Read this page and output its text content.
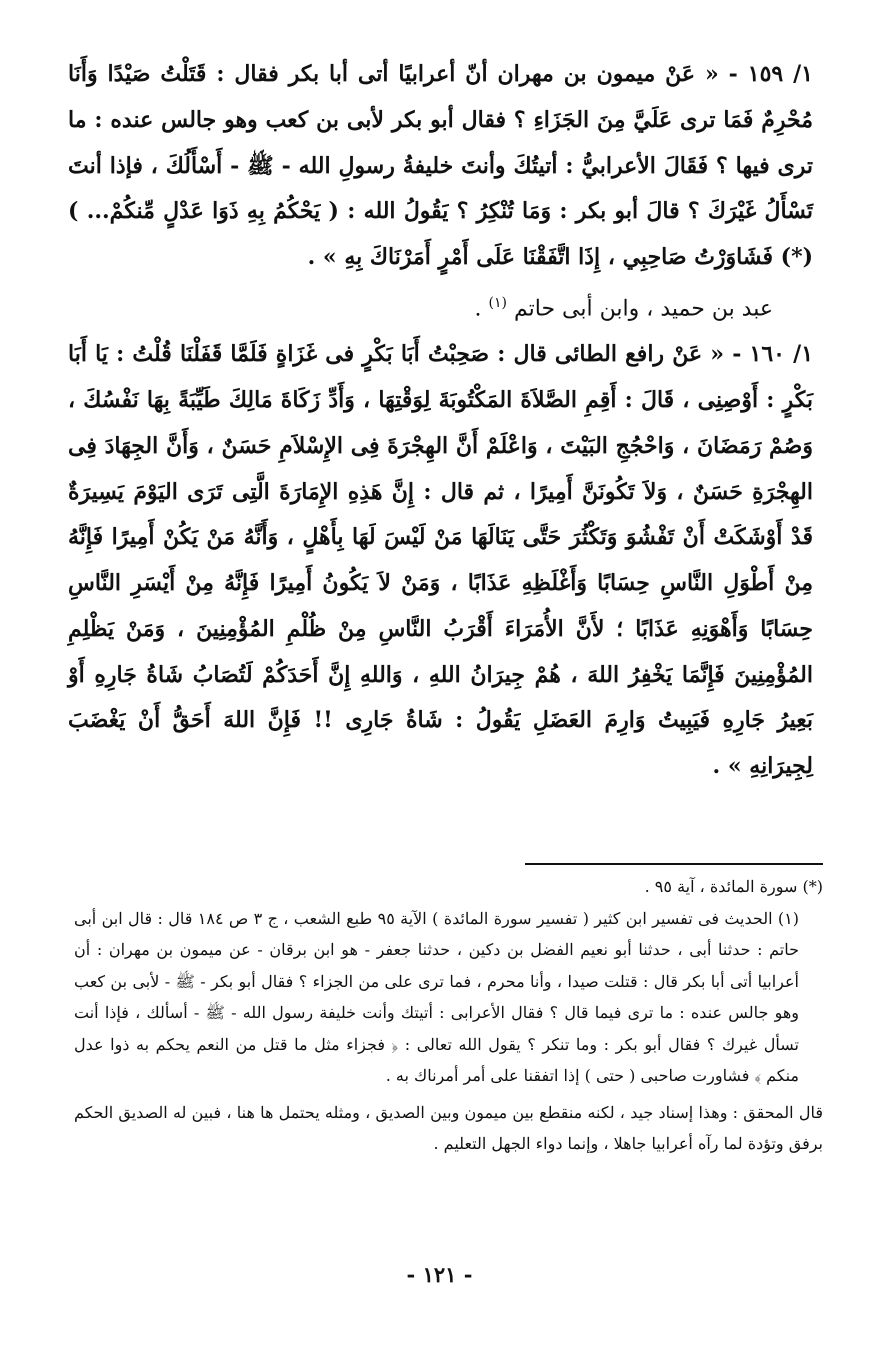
١/ ١٥٩ - « عَنْ ميمون بن مهران أنّ أعرابيًا أتى أبا بكر فقال : قَتَلْتُ صَيْدًا وَأَنَا مُحْرِمٌ فَمَا ترى عَلَيَّ مِنَ الجَزَاءِ ؟ فقال أبو بكر لأبى بن كعب وهو جالس عنده : ما ترى فيها ؟ فَقَالَ الأعرابيُّ : أتيتُكَ وأنتَ خليفةُ رسولِ الله - ﷺ - أَسْأَلُكَ ، فإذا أنتَ تَسْأَلُ غَيْرَكَ ؟ قالَ أبو بكر : وَمَا تُنْكِرُ ؟ يَقُولُ الله : ( يَحْكُمُ بِهِ ذَوَا عَدْلٍ مِّنكُمْ... ) (*) فَشَاوَرْتُ صَاحِبِي ، إِذَا اتَّفَقْنَا عَلَى أَمْرٍ أَمَرْنَاكَ بِهِ » .

عبد بن حميد ، وابن أبى حاتم $^{(١)}$ .

١/ ١٦٠ - « عَنْ رافع الطائى قال : صَحِبْتُ أَبَا بَكْرٍ فى غَزَاةٍ فَلَمَّا قَفَلْنَا قُلْتُ : يَا أَبَا بَكْرٍ : أَوْصِنِى ، قَالَ : أَقِمِ الصَّلاَةَ المَكْتُوبَةَ لِوَقْتِهَا ، وَأَدِّ زَكَاةَ مَالِكَ طَيِّبَةً بِهَا نَفْسُكَ ، وَصُمْ رَمَضَانَ ، وَاحْجُجِ البَيْتَ ، وَاعْلَمْ أَنَّ الهِجْرَةَ فِى الإِسْلاَمِ حَسَنٌ ، وَأَنَّ الجِهَادَ فِى الهِجْرَةِ حَسَنٌ ، وَلاَ تَكُونَنَّ أَمِيرًا ، ثم قال : إِنَّ هَذِهِ الإِمَارَةَ الَّتِى تَرَى اليَوْمَ يَسِيرَةٌ قَدْ أَوْشَكَتْ أَنْ تَفْشُوَ وَتَكْثُرَ حَتَّى يَنَالَهَا مَنْ لَيْسَ لَهَا بِأَهْلٍ ، وَأَنَّهُ مَنْ يَكُنْ أَمِيرًا فَإِنَّهُ مِنْ أَطْوَلِ النَّاسِ حِسَابًا وَأَغْلَظِهِ عَذَابًا ، وَمَنْ لاَ يَكُونُ أَمِيرًا فَإِنَّهُ مِنْ أَيْسَرِ النَّاسِ حِسَابًا وَأَهْوَنِهِ عَذَابًا ؛ لأَنَّ الأُمَرَاءَ أَقْرَبُ النَّاسِ مِنْ ظُلْمِ المُؤْمِنِينَ ، وَمَنْ يَظْلِمِ المُؤْمِنِينَ فَإِنَّمَا يَخْفِرُ اللهَ ، هُمْ جِيرَانُ اللهِ ، وَاللهِ إِنَّ أَحَدَكُمْ لَتُصَابُ شَاةُ جَارِهِ أَوْ بَعِيرُ جَارِهِ فَيَبِيتُ وَارِمَ العَضَلِ يَقُولُ : شَاةُ جَارِى !! فَإِنَّ اللهَ أَحَقُّ أَنْ يَغْضَبَ لِجِيرَانِهِ » .

(*) سورة المائدة ، آية ٩٥ .

(١) الحديث فى تفسير ابن كثير ( تفسير سورة المائدة ) الآية ٩٥ طبع الشعب ، ج ٣ ص ١٨٤ قال : قال ابن أبى حاتم : حدثنا أبى ، حدثنا أبو نعيم الفضل بن دكين ، حدثنا جعفر - هو ابن برقان - عن ميمون بن مهران : أن أعرابيا أتى أبا بكر قال : قتلت صيدا ، وأنا محرم ، فما ترى على من الجزاء ؟ فقال أبو بكر - ﷺ - لأبى بن كعب وهو جالس عنده : ما ترى فيما قال ؟ فقال الأعرابى : أتيتك وأنت خليفة رسول الله - ﷺ - أسألك ، فإذا أنت تسأل غيرك ؟ فقال أبو بكر : وما تنكر ؟ يقول الله تعالى : ﴿ فجزاء مثل ما قتل من النعم يحكم به ذوا عدل منكم ﴾ فشاورت صاحبى ( حتى ) إذا اتفقنا على أمر أمرناك به .

قال المحقق : وهذا إسناد جيد ، لكنه منقطع بين ميمون وبين الصديق ، ومثله يحتمل ها هنا ، فبين له الصديق الحكم برفق وتؤدة لما رآه أعرابيا جاهلا ، وإنما دواء الجهل التعليم .

- ١٢١ -
